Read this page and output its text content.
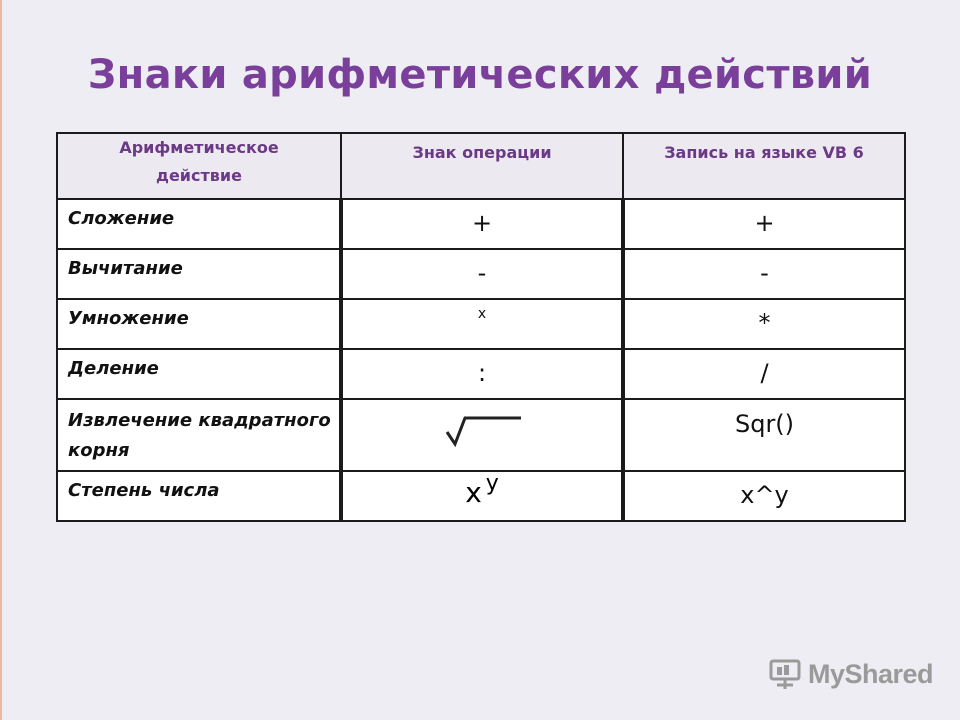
Знаки арифметических действий
Арифметическое действие	Знак операции	Запись на языке VB 6

Сложение	+	+

Вычитание	-	-

Умножение	x	*

Деление	:	/

Извлечение квадратного корня		Sqr()

Степень числа	x $^y$	x^y
MyShared
